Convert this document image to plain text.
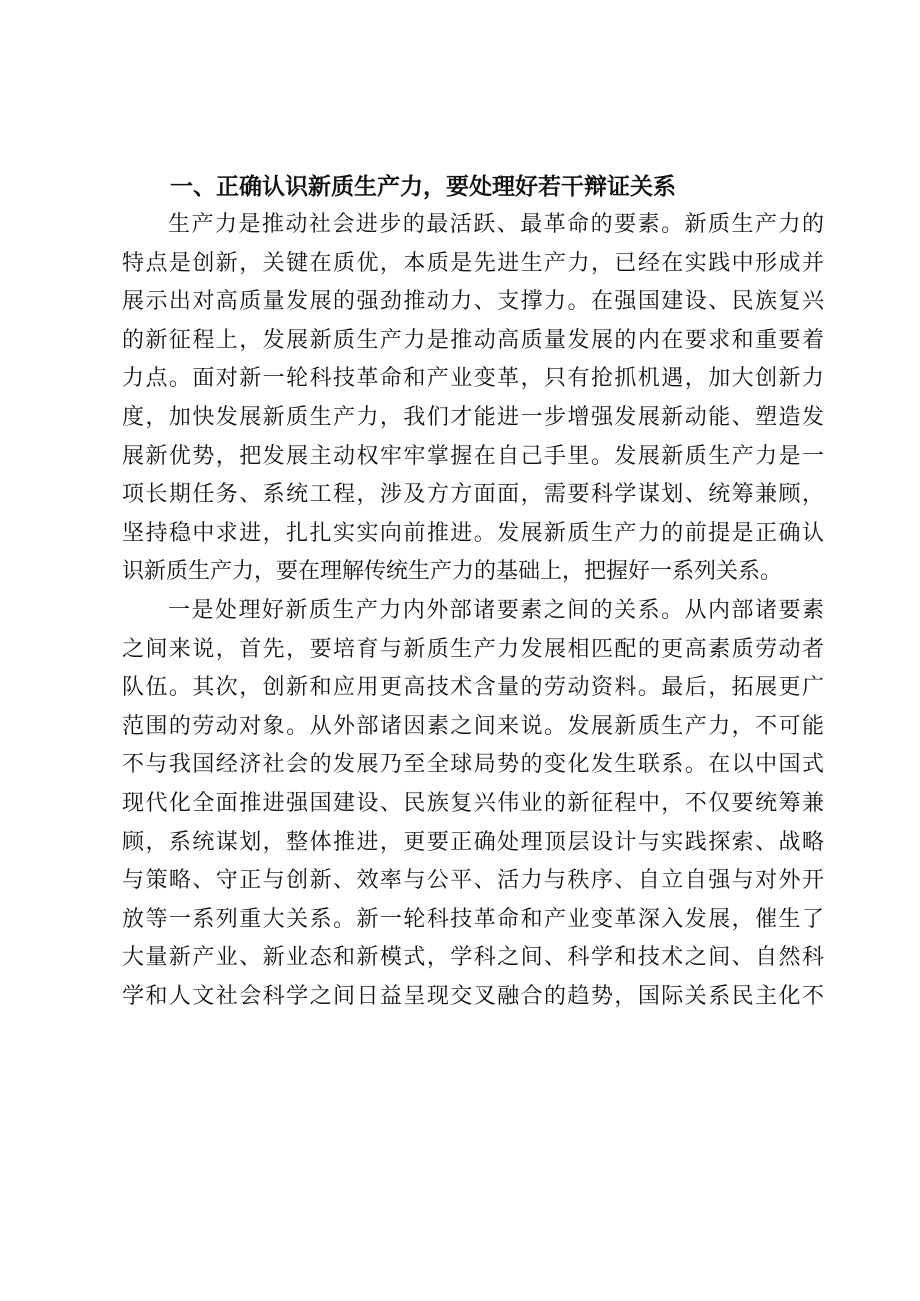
一、正确认识新质生产力，要处理好若干辩证关系

生产力是推动社会进步的最活跃、最革命的要素。新质生产力的
特点是创新，关键在质优，本质是先进生产力，已经在实践中形成并
展示出对高质量发展的强劲推动力、支撑力。在强国建设、民族复兴
的新征程上，发展新质生产力是推动高质量发展的内在要求和重要着
力点。面对新一轮科技革命和产业变革，只有抢抓机遇，加大创新力
度，加快发展新质生产力，我们才能进一步增强发展新动能、塑造发
展新优势，把发展主动权牢牢掌握在自己手里。发展新质生产力是一
项长期任务、系统工程，涉及方方面面，需要科学谋划、统筹兼顾，
坚持稳中求进，扎扎实实向前推进。发展新质生产力的前提是正确认
识新质生产力，要在理解传统生产力的基础上，把握好一系列关系。

一是处理好新质生产力内外部诸要素之间的关系。从内部诸要素
之间来说，首先，要培育与新质生产力发展相匹配的更高素质劳动者
队伍。其次，创新和应用更高技术含量的劳动资料。最后，拓展更广
范围的劳动对象。从外部诸因素之间来说。发展新质生产力，不可能
不与我国经济社会的发展乃至全球局势的变化发生联系。在以中国式
现代化全面推进强国建设、民族复兴伟业的新征程中，不仅要统筹兼
顾，系统谋划，整体推进，更要正确处理顶层设计与实践探索、战略
与策略、守正与创新、效率与公平、活力与秩序、自立自强与对外开
放等一系列重大关系。新一轮科技革命和产业变革深入发展，催生了
大量新产业、新业态和新模式，学科之间、科学和技术之间、自然科
学和人文社会科学之间日益呈现交叉融合的趋势，国际关系民主化不
